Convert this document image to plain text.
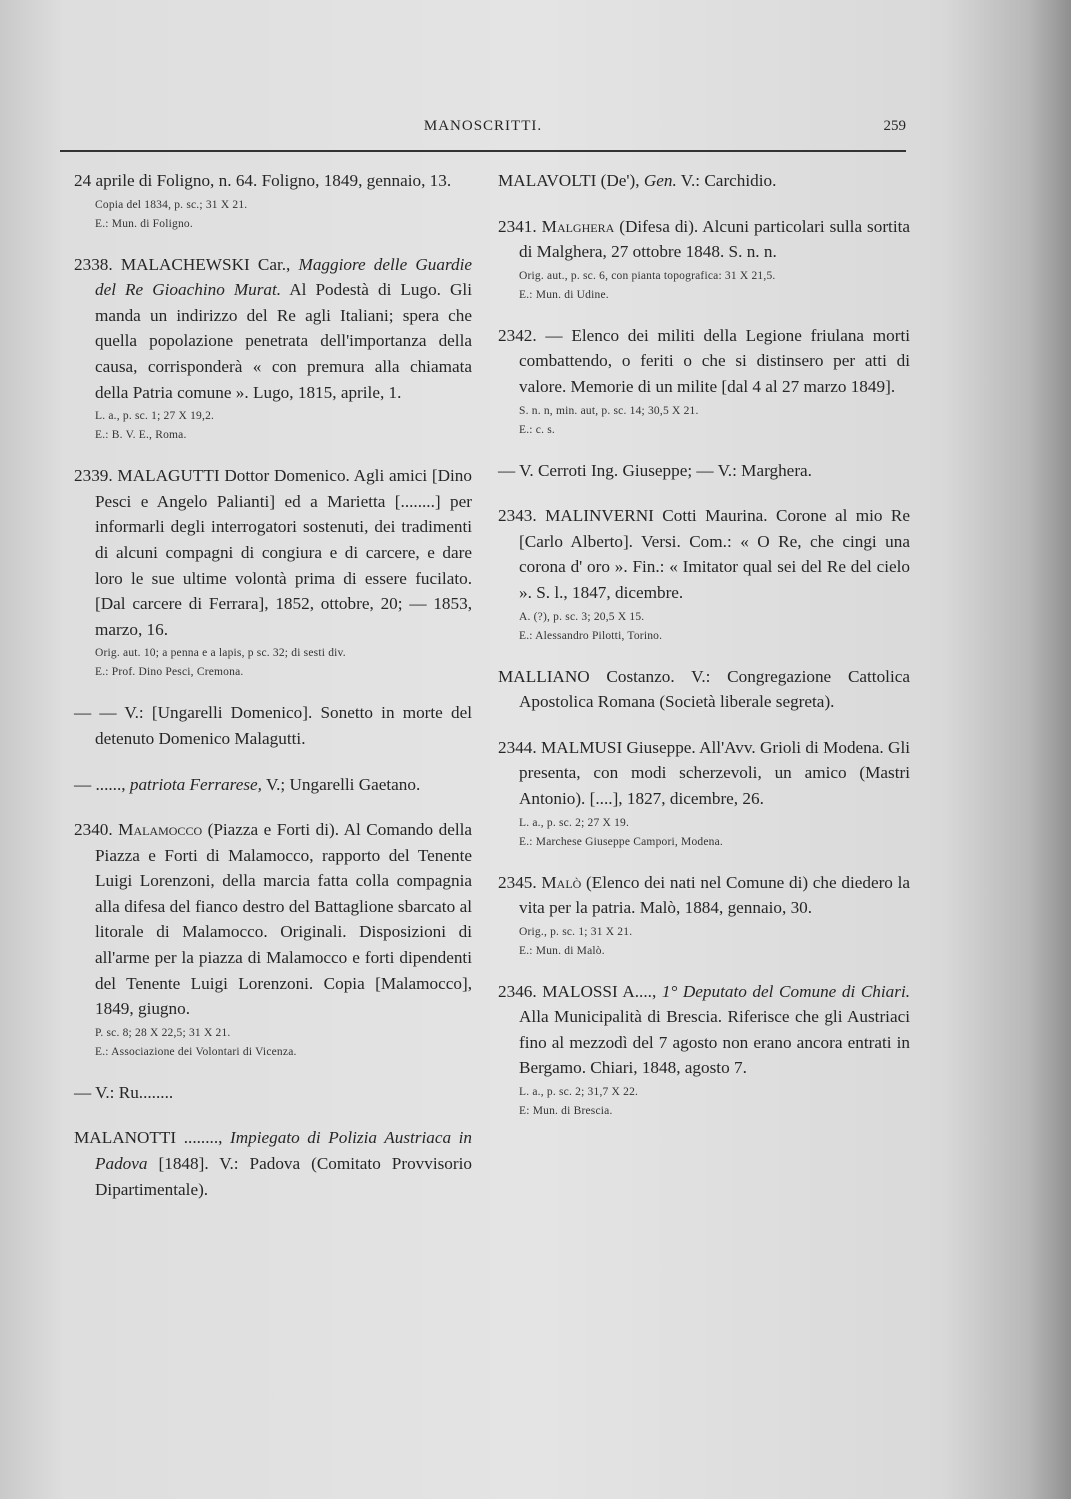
MANOSCRITTI.	259
24 aprile di Foligno, n. 64. Foligno, 1849, gennaio, 13.
Copia del 1834, p. sc.; 31 X 21.
E.: Mun. di Foligno.
2338. MALACHEWSKI Car., Maggiore delle Guardie del Re Gioachino Murat. Al Podestà di Lugo. Gli manda un indirizzo del Re agli Italiani; spera che quella popolazione penetrata dell'importanza della causa, corrisponderà « con premura alla chiamata della Patria comune ». Lugo, 1815, aprile, 1.
L. a., p. sc. 1; 27 X 19,2.
E.: B. V. E., Roma.
2339. MALAGUTTI Dottor Domenico. Agli amici [Dino Pesci e Angelo Palianti] ed a Marietta [........] per informarli degli interrogatori sostenuti, dei tradimenti di alcuni compagni di congiura e di carcere, e dare loro le sue ultime volontà prima di essere fucilato. [Dal carcere di Ferrara], 1852, ottobre, 20; — 1853, marzo, 16.
Orig. aut. 10; a penna e a lapis, p sc. 32; di sesti div.
E.: Prof. Dino Pesci, Cremona.
— — V.: [Ungarelli Domenico]. Sonetto in morte del detenuto Domenico Malagutti.
— ......, patriota Ferrarese, V.; Ungarelli Gaetano.
2340. Malamocco (Piazza e Forti di). Al Comando della Piazza e Forti di Malamocco, rapporto del Tenente Luigi Lorenzoni, della marcia fatta colla compagnia alla difesa del fianco destro del Battaglione sbarcato al litorale di Malamocco. Originali. Disposizioni di all'arme per la piazza di Malamocco e forti dipendenti del Tenente Luigi Lorenzoni. Copia [Malamocco], 1849, giugno.
P. sc. 8; 28 X 22,5; 31 X 21.
E.: Associazione dei Volontari di Vicenza.
— V.: Ru........
MALANOTTI ........, Impiegato di Polizia Austriaca in Padova [1848]. V.: Padova (Comitato Provvisorio Dipartimentale).
MALAVOLTI (De'), Gen. V.: Carchidio.
2341. Malghera (Difesa di). Alcuni particolari sulla sortita di Malghera, 27 ottobre 1848. S. n. n.
Orig. aut., p. sc. 6, con pianta topografica: 31 X 21,5.
E.: Mun. di Udine.
2342. — Elenco dei militi della Legione friulana morti combattendo, o feriti o che si distinsero per atti di valore. Memorie di un milite [dal 4 al 27 marzo 1849].
S. n. n, min. aut, p. sc. 14; 30,5 X 21.
E.: c. s.
— V. Cerroti Ing. Giuseppe; — V.: Marghera.
2343. MALINVERNI Cotti Maurina. Corone al mio Re [Carlo Alberto]. Versi. Com.: « O Re, che cingi una corona d' oro ». Fin.: « Imitator qual sei del Re del cielo ». S. l., 1847, dicembre.
A. (?), p. sc. 3; 20,5 X 15.
E.: Alessandro Pilotti, Torino.
MALLIANO Costanzo. V.: Congregazione Cattolica Apostolica Romana (Società liberale segreta).
2344. MALMUSI Giuseppe. All'Avv. Grioli di Modena. Gli presenta, con modi scherzevoli, un amico (Mastri Antonio). [....], 1827, dicembre, 26.
L. a., p. sc. 2; 27 X 19.
E.: Marchese Giuseppe Campori, Modena.
2345. Malò (Elenco dei nati nel Comune di) che diedero la vita per la patria. Malò, 1884, gennaio, 30.
Orig., p. sc. 1; 31 X 21.
E.: Mun. di Malò.
2346. MALOSSI A...., 1° Deputato del Comune di Chiari. Alla Municipalità di Brescia. Riferisce che gli Austriaci fino al mezzodì del 7 agosto non erano ancora entrati in Bergamo. Chiari, 1848, agosto 7.
L. a., p. sc. 2; 31,7 X 22.
E: Mun. di Brescia.
